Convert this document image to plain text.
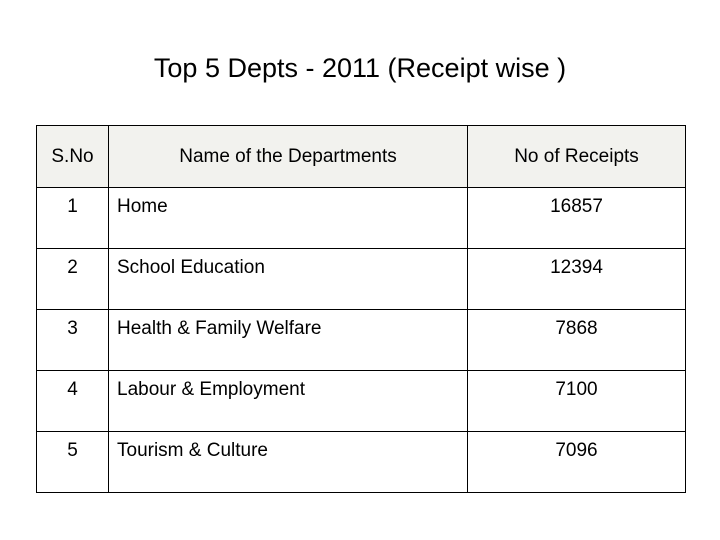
Top 5 Depts - 2011 (Receipt wise )
S.No	Name of the Departments	No of Receipts
1	Home	16857
2	School Education	12394
3	Health & Family Welfare	7868
4	Labour & Employment	7100
5	Tourism & Culture	7096
